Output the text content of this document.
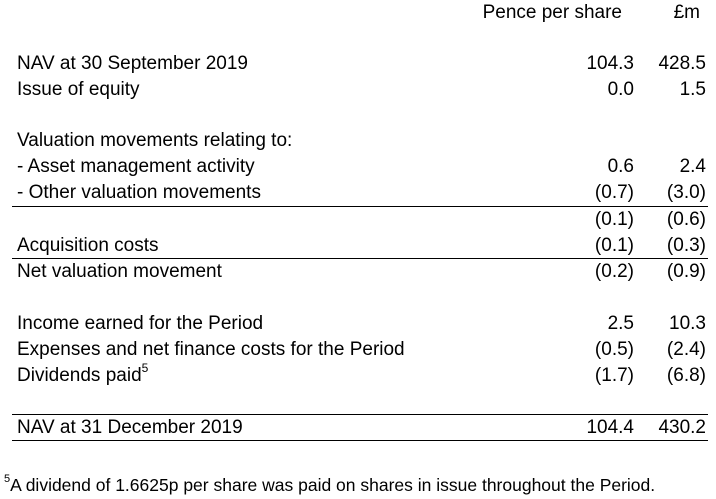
Pence per share	£m
NAV at 30 September 2019	104.3 428.5
Issue of equity	0.0 1.5
Valuation movements relating to:
- Asset management activity	0.6 2.4
- Other valuation movements	(0.7) (3.0)
(0.1) (0.6)
Acquisition costs	(0.1) (0.3)
Net valuation movement	(0.2) (0.9)
Income earned for the Period	2.5 10.3
Expenses and net finance costs for the Period	(0.5) (2.4)
Dividends paid$^5$	(1.7) (6.8)
NAV at 31 December 2019	104.4 430.2
$^5$A dividend of 1.6625p per share was paid on shares in issue throughout the Period.
